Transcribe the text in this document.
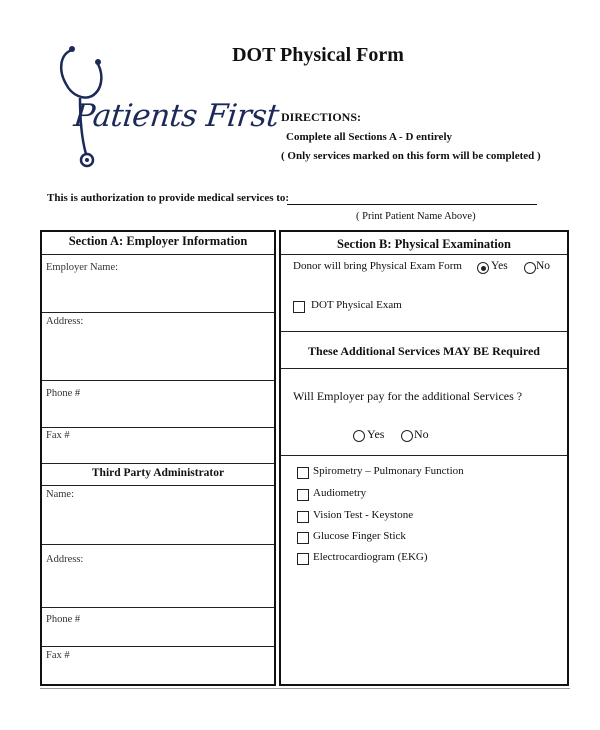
Patients First
DOT Physical Form
DIRECTIONS:
Complete all Sections A - D entirely
( Only services marked on this form will be completed )
This is authorization to provide medical services to:
( Print Patient Name Above)
Section A: Employer Information
Employer Name:
Address:
Phone #
Fax #
Third Party Administrator
Name:
Address:
Phone #
Fax #
Section B: Physical Examination
Donor will bring Physical Exam Form	Yes No
DOT Physical Exam
These Additional Services MAY BE Required
Will Employer pay for the additional Services ?
Yes No
Spirometry – Pulmonary Function
Audiometry
Vision Test - Keystone
Glucose Finger Stick
Electrocardiogram (EKG)
